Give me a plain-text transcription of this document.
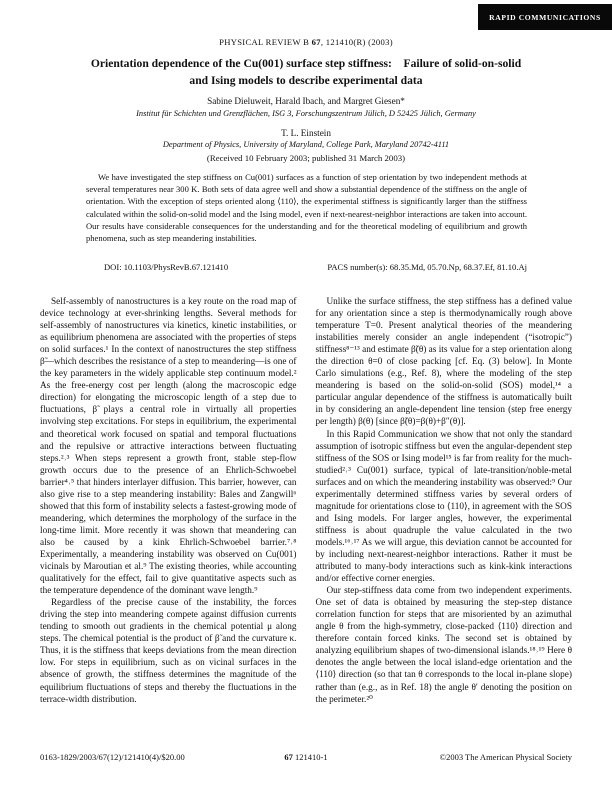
RAPID COMMUNICATIONS
PHYSICAL REVIEW B 67, 121410(R) (2003)
Orientation dependence of the Cu(001) surface step stiffness: Failure of solid-on-solid
and Ising models to describe experimental data
Sabine Dieluweit, Harald Ibach, and Margret Giesen*
Institut für Schichten und Grenzflächen, ISG 3, Forschungszentrum Jülich, D 52425 Jülich, Germany
T. L. Einstein
Department of Physics, University of Maryland, College Park, Maryland 20742-4111
(Received 10 February 2003; published 31 March 2003)
We have investigated the step stiffness on Cu(001) surfaces as a function of step orientation by two independent methods at several temperatures near 300 K. Both sets of data agree well and show a substantial dependence of the stiffness on the angle of orientation. With the exception of steps oriented along ⟨110⟩, the experimental stiffness is significantly larger than the stiffness calculated within the solid-on-solid model and the Ising model, even if next-nearest-neighbor interactions are taken into account. Our results have considerable consequences for the understanding and for the theoretical modeling of equilibrium and growth phenomena, such as step meandering instabilities.
DOI: 10.1103/PhysRevB.67.121410	PACS number(s): 68.35.Md, 05.70.Np, 68.37.Ef, 81.10.Aj

Self-assembly of nanostructures is a key route on the road map of device technology at ever-shrinking lengths. Several methods for self-assembly of nanostructures via kinetics, kinetic instabilities, or as equilibrium phenomena are associated with the properties of steps on solid surfaces.¹ In the context of nanostructures the step stiffness β̃—which describes the resistance of a step to meandering—is one of the key parameters in the widely applicable step continuum model.² As the free-energy cost per length (along the macroscopic edge direction) for elongating the microscopic length of a step due to fluctuations, β̃ plays a central role in virtually all properties involving step excitations. For steps in equilibrium, the experimental and theoretical work focused on spatial and temporal fluctuations and the repulsive or attractive interactions between fluctuating steps.²˒³ When steps represent a growth front, stable step-flow growth occurs due to the presence of an Ehrlich-Schwoebel barrier⁴˒⁵ that hinders interlayer diffusion. This barrier, however, can also give rise to a step meandering instability: Bales and Zangwill⁶ showed that this form of instability selects a fastest-growing mode of meandering, which determines the morphology of the surface in the long-time limit. More recently it was shown that meandering can also be caused by a kink Ehrlich-Schwoebel barrier.⁷˒⁸ Experimentally, a meandering instability was observed on Cu(001) vicinals by Maroutian et al.⁹ The existing theories, while accounting qualitatively for the effect, fail to give quantitative aspects such as the temperature dependence of the dominant wave length.⁹

Regardless of the precise cause of the instability, the forces driving the step into meandering compete against diffusion currents tending to smooth out gradients in the chemical potential μ along steps. The chemical potential is the product of β̃ and the curvature κ. Thus, it is the stiffness that keeps deviations from the mean direction low. For steps in equilibrium, such as on vicinal surfaces in the absence of growth, the stiffness determines the magnitude of the equilibrium fluctuations of steps and thereby the fluctuations in the terrace-width distribution.

Unlike the surface stiffness, the step stiffness has a defined value for any orientation since a step is thermodynamically rough above temperature T=0. Present analytical theories of the meandering instabilities merely consider an angle independent (“isotropic”) stiffness⁸⁻¹³ and estimate β̃(θ) as its value for a step orientation along the direction θ=0 of close packing [cf. Eq. (3) below]. In Monte Carlo simulations (e.g., Ref. 8), where the modeling of the step meandering is based on the solid-on-solid (SOS) model,¹⁴ a particular angular dependence of the stiffness is automatically built in by considering an angle-dependent line tension (step free energy per length) β(θ) [since β̃(θ)=β(θ)+β″(θ)].

In this Rapid Communication we show that not only the standard assumption of isotropic stiffness but even the angular-dependent step stiffness of the SOS or Ising model¹⁵ is far from reality for the much-studied²˒³ Cu(001) surface, typical of late-transition/noble-metal surfaces and on which the meandering instability was observed:⁹ Our experimentally determined stiffness varies by several orders of magnitude for orientations close to ⟨110⟩, in agreement with the SOS and Ising models. For larger angles, however, the experimental stiffness is about quadruple the value calculated in the two models.¹⁶˒¹⁷ As we will argue, this deviation cannot be accounted for by including next-nearest-neighbor interactions. Rather it must be attributed to many-body interactions such as kink-kink interactions and/or effective corner energies.

Our step-stiffness data come from two independent experiments. One set of data is obtained by measuring the step-step distance correlation function for steps that are misoriented by an azimuthal angle θ from the high-symmetry, close-packed ⟨110⟩ direction and therefore contain forced kinks. The second set is obtained by analyzing equilibrium shapes of two-dimensional islands.¹⁸˒¹⁹ Here θ denotes the angle between the local island-edge orientation and the ⟨110⟩ direction (so that tan θ corresponds to the local in-plane slope) rather than (e.g., as in Ref. 18) the angle θ′ denoting the position on the perimeter.²⁰

0163-1829/2003/67(12)/121410(4)/$20.00	67 121410-1	©2003 The American Physical Society
